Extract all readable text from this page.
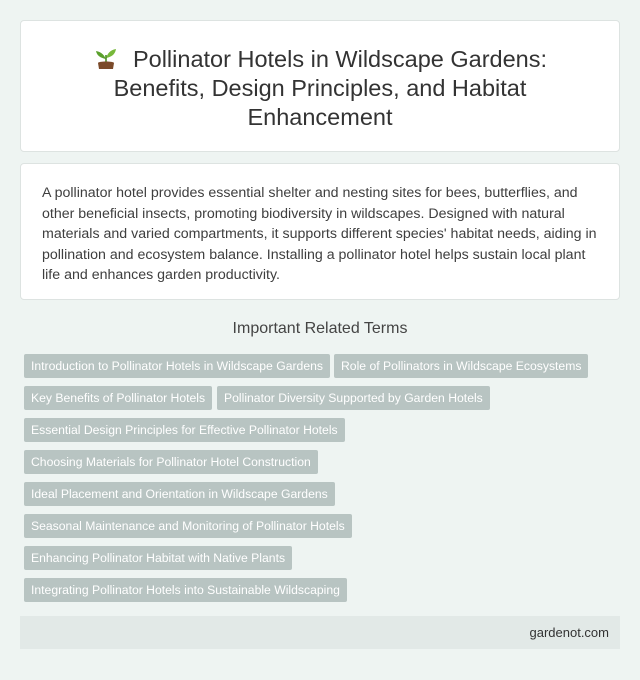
Pollinator Hotels in Wildscape Gardens: Benefits, Design Principles, and Habitat Enhancement

A pollinator hotel provides essential shelter and nesting sites for bees, butterflies, and other beneficial insects, promoting biodiversity in wildscapes. Designed with natural materials and varied compartments, it supports different species' habitat needs, aiding in pollination and ecosystem balance. Installing a pollinator hotel helps sustain local plant life and enhances garden productivity.

Important Related Terms
Introduction to Pollinator Hotels in Wildscape Gardens	Role of Pollinators in Wildscape Ecosystems
Key Benefits of Pollinator Hotels	Pollinator Diversity Supported by Garden Hotels
Essential Design Principles for Effective Pollinator Hotels
Choosing Materials for Pollinator Hotel Construction
Ideal Placement and Orientation in Wildscape Gardens
Seasonal Maintenance and Monitoring of Pollinator Hotels
Enhancing Pollinator Habitat with Native Plants
Integrating Pollinator Hotels into Sustainable Wildscaping
gardenot.com
